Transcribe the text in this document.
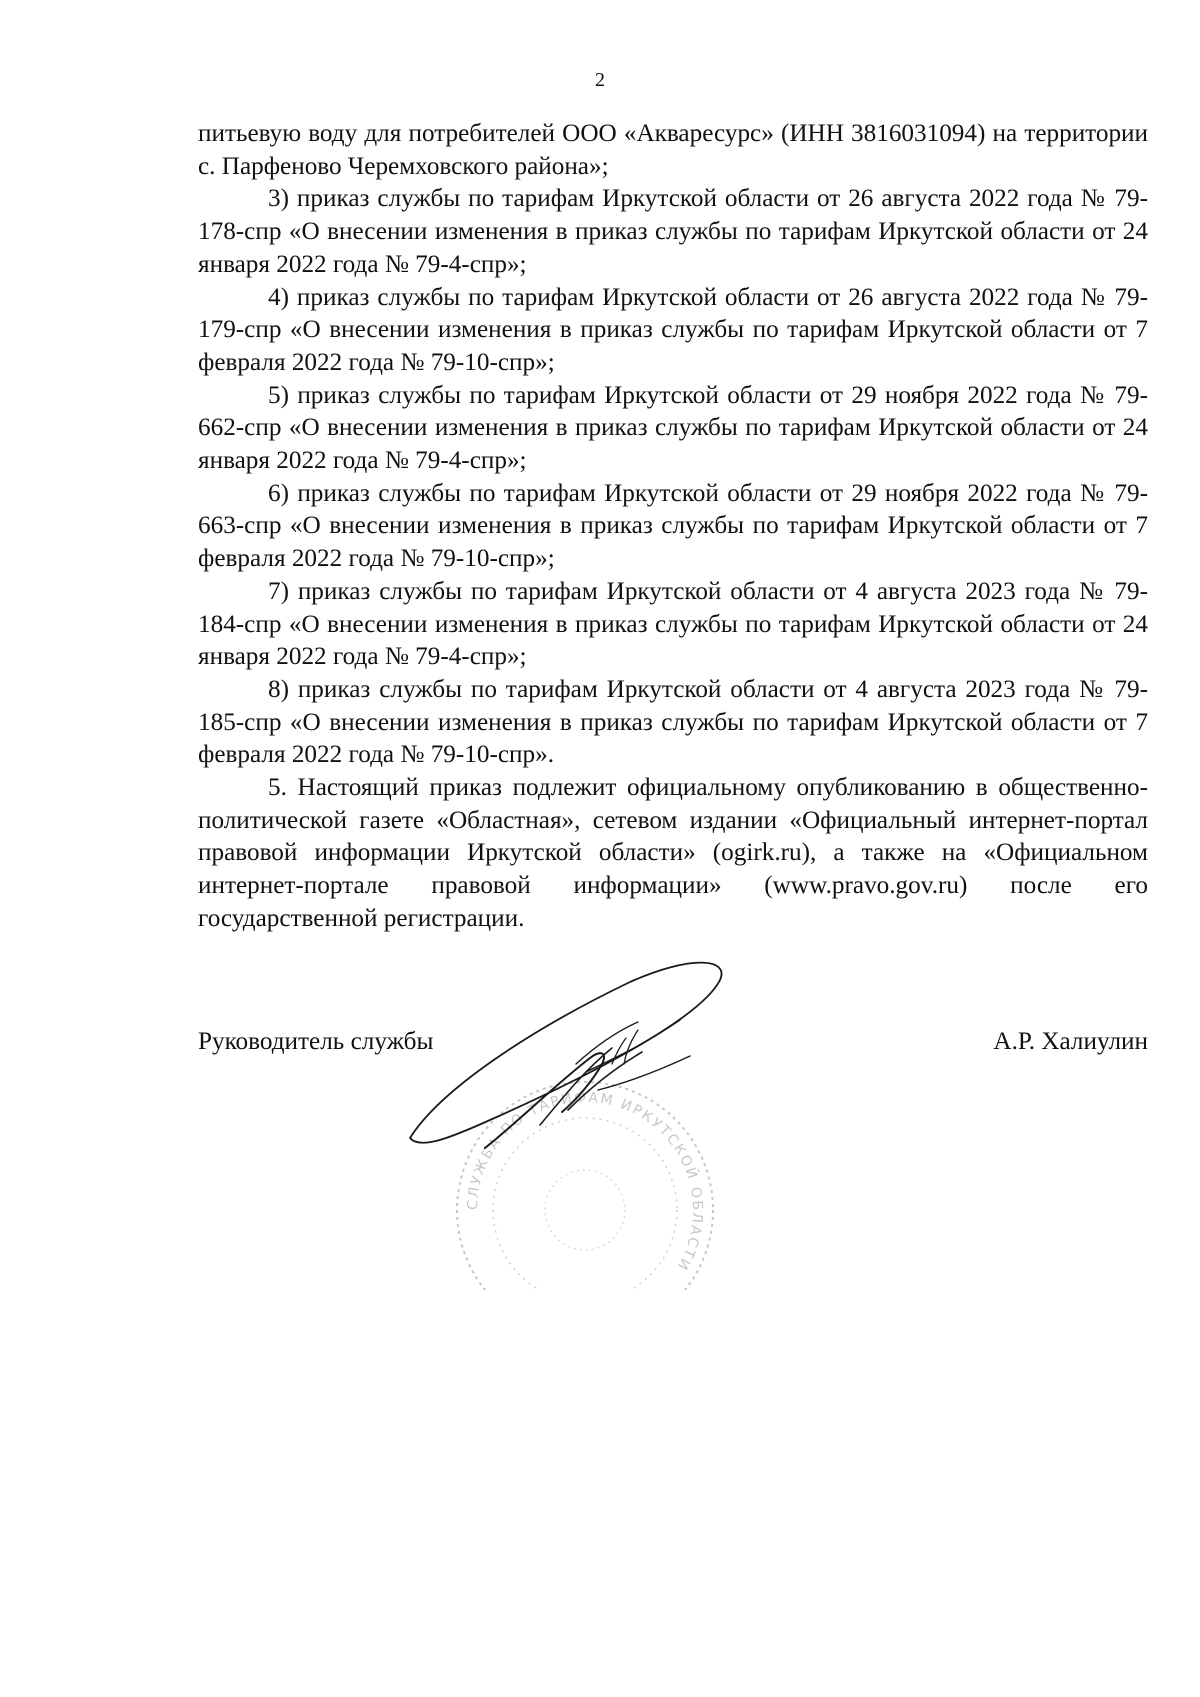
2

питьевую воду для потребителей ООО «Акваресурс» (ИНН 3816031094) на территории с. Парфеново Черемховского района»;

3) приказ службы по тарифам Иркутской области от 26 августа 2022 года № 79-178-спр «О внесении изменения в приказ службы по тарифам Иркутской области от 24 января 2022 года № 79-4-спр»;

4) приказ службы по тарифам Иркутской области от 26 августа 2022 года № 79-179-спр «О внесении изменения в приказ службы по тарифам Иркутской области от 7 февраля 2022 года № 79-10-спр»;

5) приказ службы по тарифам Иркутской области от 29 ноября 2022 года № 79-662-спр «О внесении изменения в приказ службы по тарифам Иркутской области от 24 января 2022 года № 79-4-спр»;

6) приказ службы по тарифам Иркутской области от 29 ноября 2022 года № 79-663-спр «О внесении изменения в приказ службы по тарифам Иркутской области от 7 февраля 2022 года № 79-10-спр»;

7) приказ службы по тарифам Иркутской области от 4 августа 2023 года № 79-184-спр «О внесении изменения в приказ службы по тарифам Иркутской области от 24 января 2022 года № 79-4-спр»;

8) приказ службы по тарифам Иркутской области от 4 августа 2023 года № 79-185-спр «О внесении изменения в приказ службы по тарифам Иркутской области от 7 февраля 2022 года № 79-10-спр».

5. Настоящий приказ подлежит официальному опубликованию в общественно-политической газете «Областная», сетевом издании «Официальный интернет-портал правовой информации Иркутской области» (ogirk.ru), а также на «Официальном интернет-портале правовой информации» (www.pravo.gov.ru) после его государственной регистрации.

СЛУЖБА ПО ТАРИФАМ ИРКУТСКОЙ ОБЛАСТИ
Руководитель службы	А.Р. Халиулин
